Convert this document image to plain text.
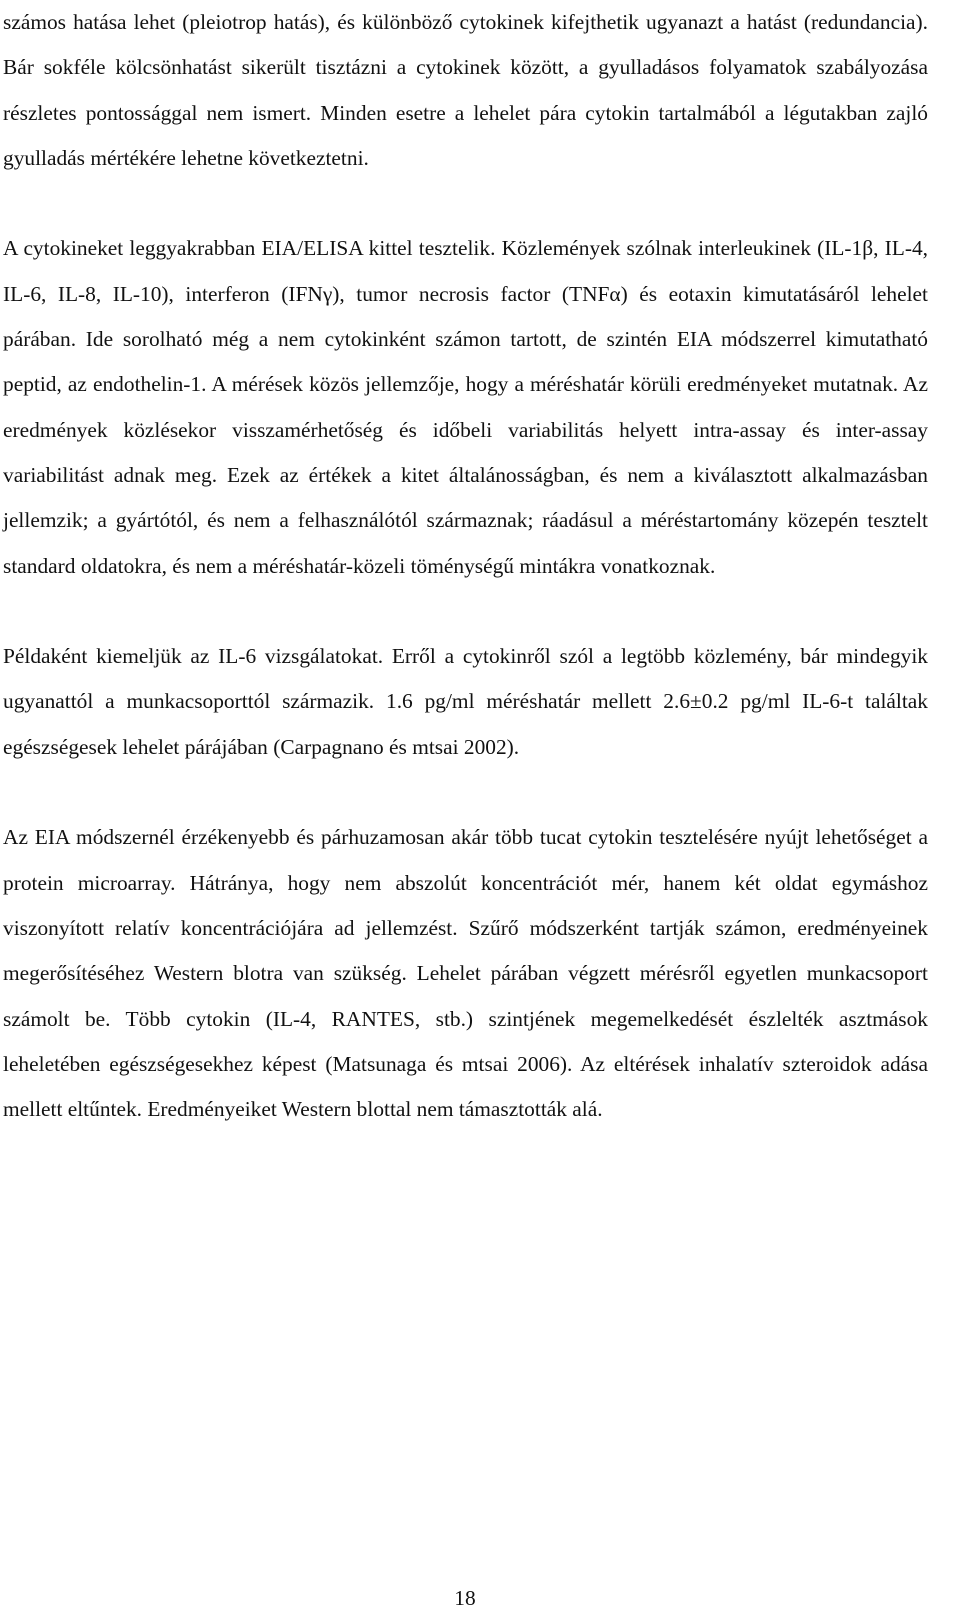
számos hatása lehet (pleiotrop hatás), és különböző cytokinek kifejthetik ugyanazt a hatást (redundancia). Bár sokféle kölcsönhatást sikerült tisztázni a cytokinek között, a gyulladásos folyamatok szabályozása részletes pontossággal nem ismert. Minden esetre a lehelet pára cytokin tartalmából a légutakban zajló gyulladás mértékére lehetne következtetni.

A cytokineket leggyakrabban EIA/ELISA kittel tesztelik. Közlemények szólnak interleukinek (IL-1β, IL-4, IL-6, IL-8, IL-10), interferon (IFNγ), tumor necrosis factor (TNFα) és eotaxin kimutatásáról lehelet párában. Ide sorolható még a nem cytokinként számon tartott, de szintén EIA módszerrel kimutatható peptid, az endothelin-1. A mérések közös jellemzője, hogy a méréshatár körüli eredményeket mutatnak. Az eredmények közlésekor visszamérhetőség és időbeli variabilitás helyett intra-assay és inter-assay variabilitást adnak meg. Ezek az értékek a kitet általánosságban, és nem a kiválasztott alkalmazásban jellemzik; a gyártótól, és nem a felhasználótól származnak; ráadásul a méréstartomány közepén tesztelt standard oldatokra, és nem a méréshatár-közeli töménységű mintákra vonatkoznak.

Példaként kiemeljük az IL-6 vizsgálatokat. Erről a cytokinről szól a legtöbb közlemény, bár mindegyik ugyanattól a munkacsoporttól származik. 1.6 pg/ml méréshatár mellett 2.6±0.2 pg/ml IL-6-t találtak egészségesek lehelet párájában (Carpagnano és mtsai 2002).

Az EIA módszernél érzékenyebb és párhuzamosan akár több tucat cytokin tesztelésére nyújt lehetőséget a protein microarray. Hátránya, hogy nem abszolút koncentrációt mér, hanem két oldat egymáshoz viszonyított relatív koncentrációjára ad jellemzést. Szűrő módszerként tartják számon, eredményeinek megerősítéséhez Western blotra van szükség. Lehelet párában végzett mérésről egyetlen munkacsoport számolt be. Több cytokin (IL-4, RANTES, stb.) szintjének megemelkedését észlelték asztmások leheletében egészségesekhez képest (Matsunaga és mtsai 2006). Az eltérések inhalatív szteroidok adása mellett eltűntek. Eredményeiket Western blottal nem támasztották alá.

18
